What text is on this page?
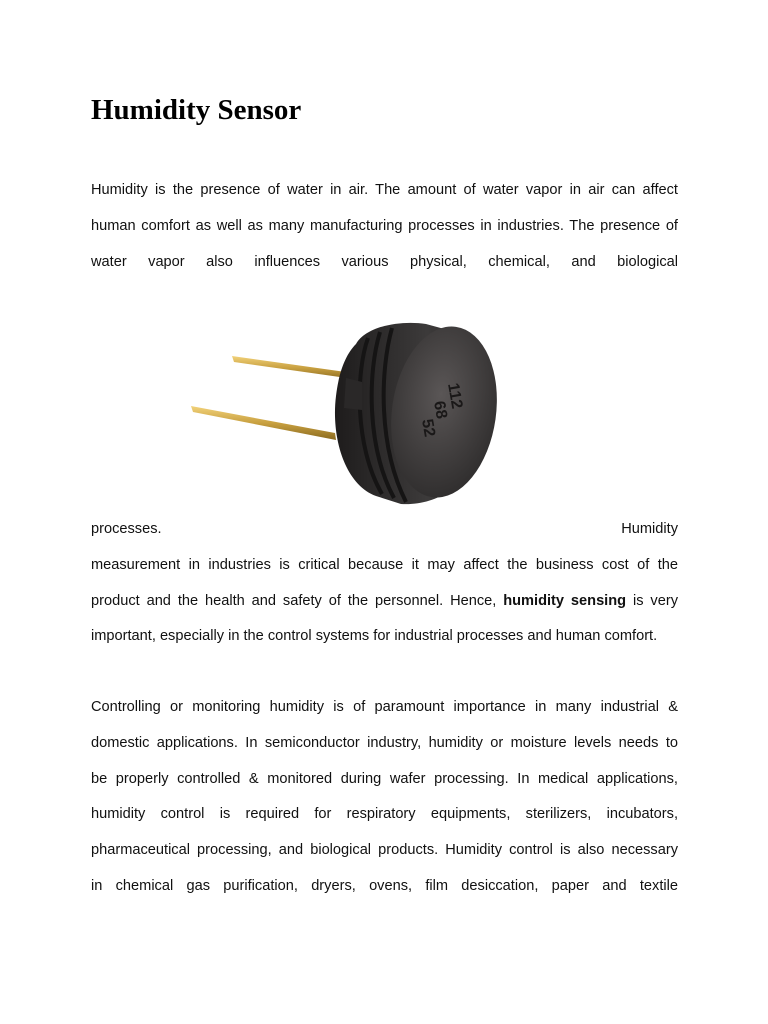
Humidity Sensor
Humidity is the presence of water in air. The amount of water vapor in air can affect
human comfort as well as many manufacturing processes in industries. The presence of
water vapor also influences various physical, chemical, and biological
112
68
52
processes.	Humidity
measurement in industries is critical because it may affect the business cost of the
product and the health and safety of the personnel. Hence, humidity sensing is very
important, especially in the control systems for industrial processes and human comfort.
Controlling or monitoring humidity is of paramount importance in many industrial &
domestic applications. In semiconductor industry, humidity or moisture levels needs to
be properly controlled & monitored during wafer processing. In medical applications,
humidity control is required for respiratory equipments, sterilizers, incubators,
pharmaceutical processing, and biological products. Humidity control is also necessary
in chemical gas purification, dryers, ovens, film desiccation, paper and textile
